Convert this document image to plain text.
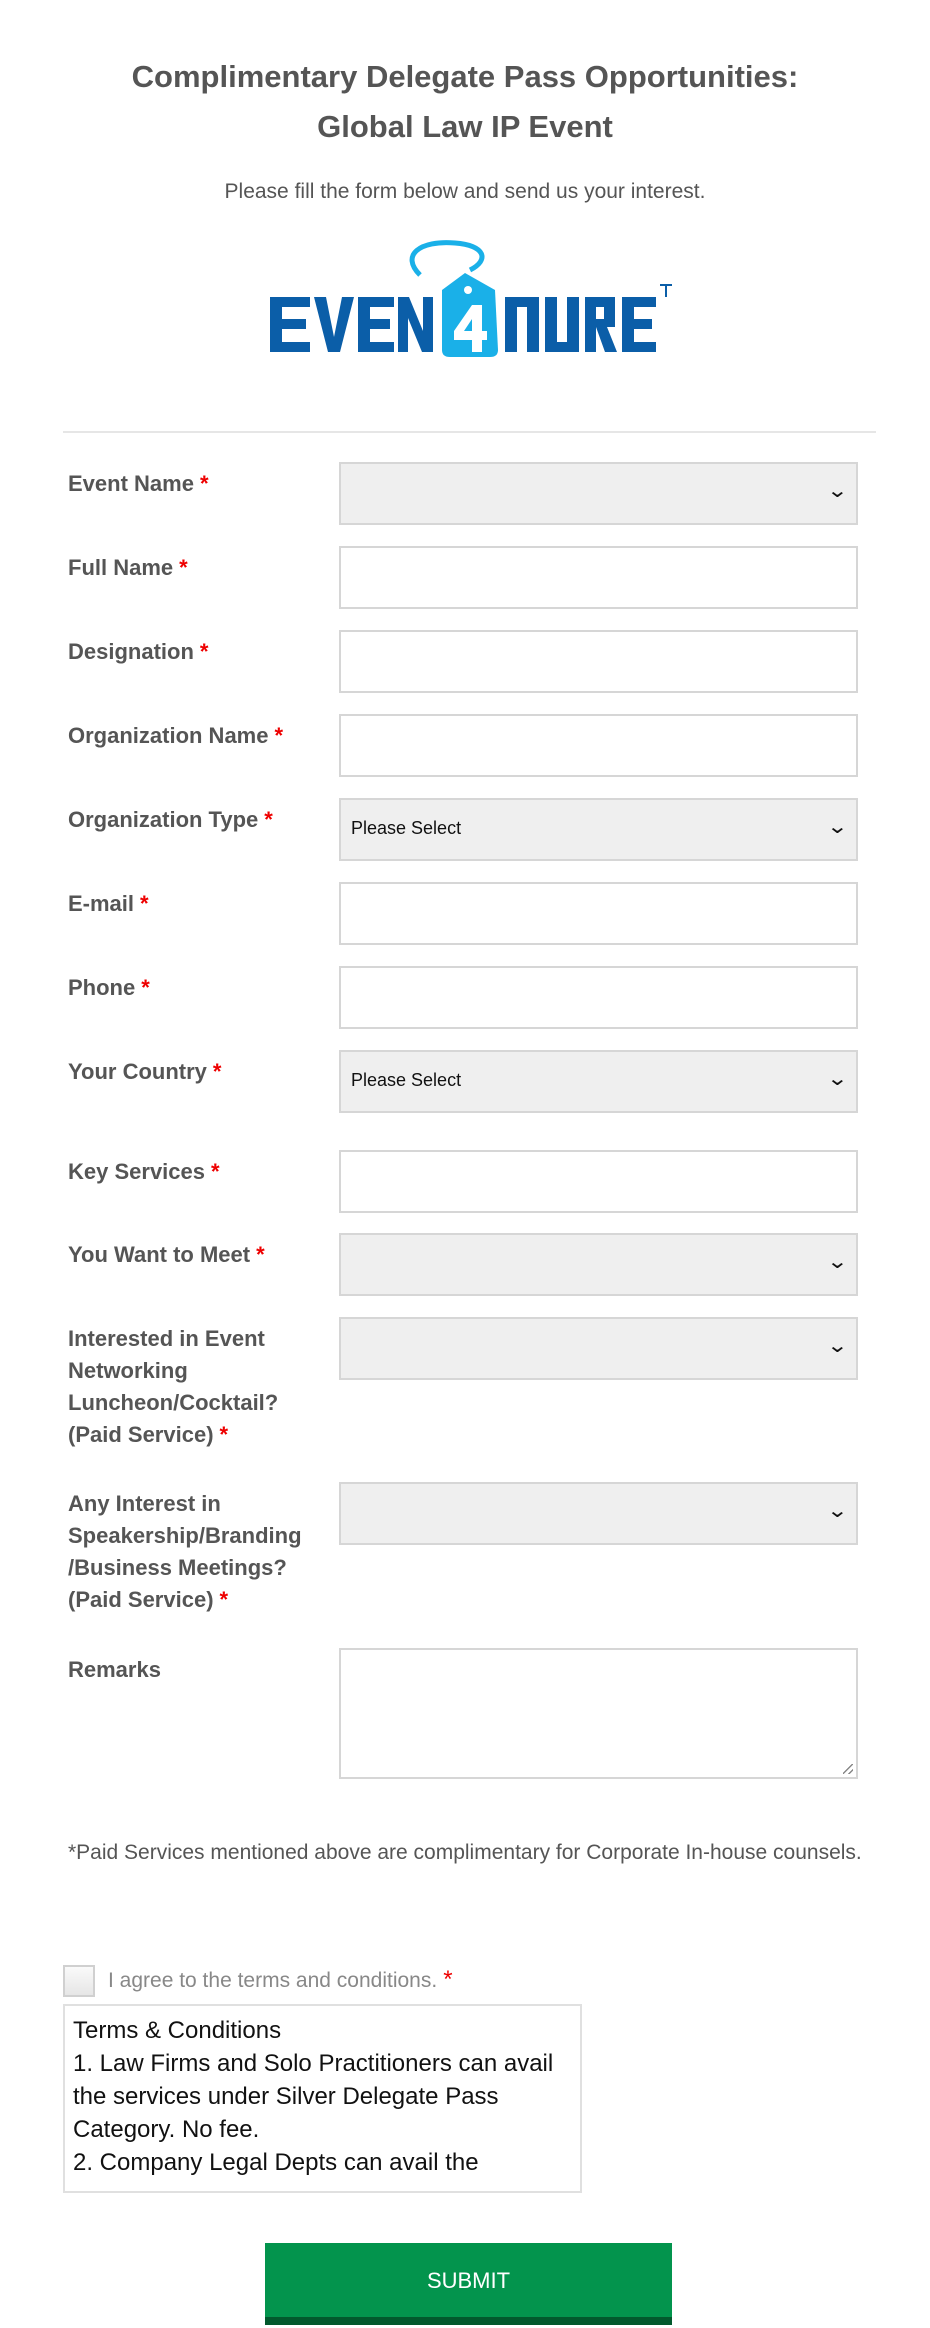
Complimentary Delegate Pass Opportunities:
Global Law IP Event
Please fill the form below and send us your interest.
Event Name *	⌄
Full Name *
Designation *
Organization Name *
Organization Type *	Please Select	⌄
E-mail *
Phone *
Your Country *	Please Select	⌄
Key Services *
You Want to Meet *	⌄
Interested in Event
Networking
Luncheon/Cocktail?
(Paid Service) *
⌄
Any Interest in
Speakership/Branding
/Business Meetings?
(Paid Service) *
⌄
Remarks
*Paid Services mentioned above are complimentary for Corporate In-house counsels.
I agree to the terms and conditions. *
Terms & Conditions
1. Law Firms and Solo Practitioners can avail the services under Silver Delegate Pass Category. No fee.
2. Company Legal Depts can avail the
SUBMIT
